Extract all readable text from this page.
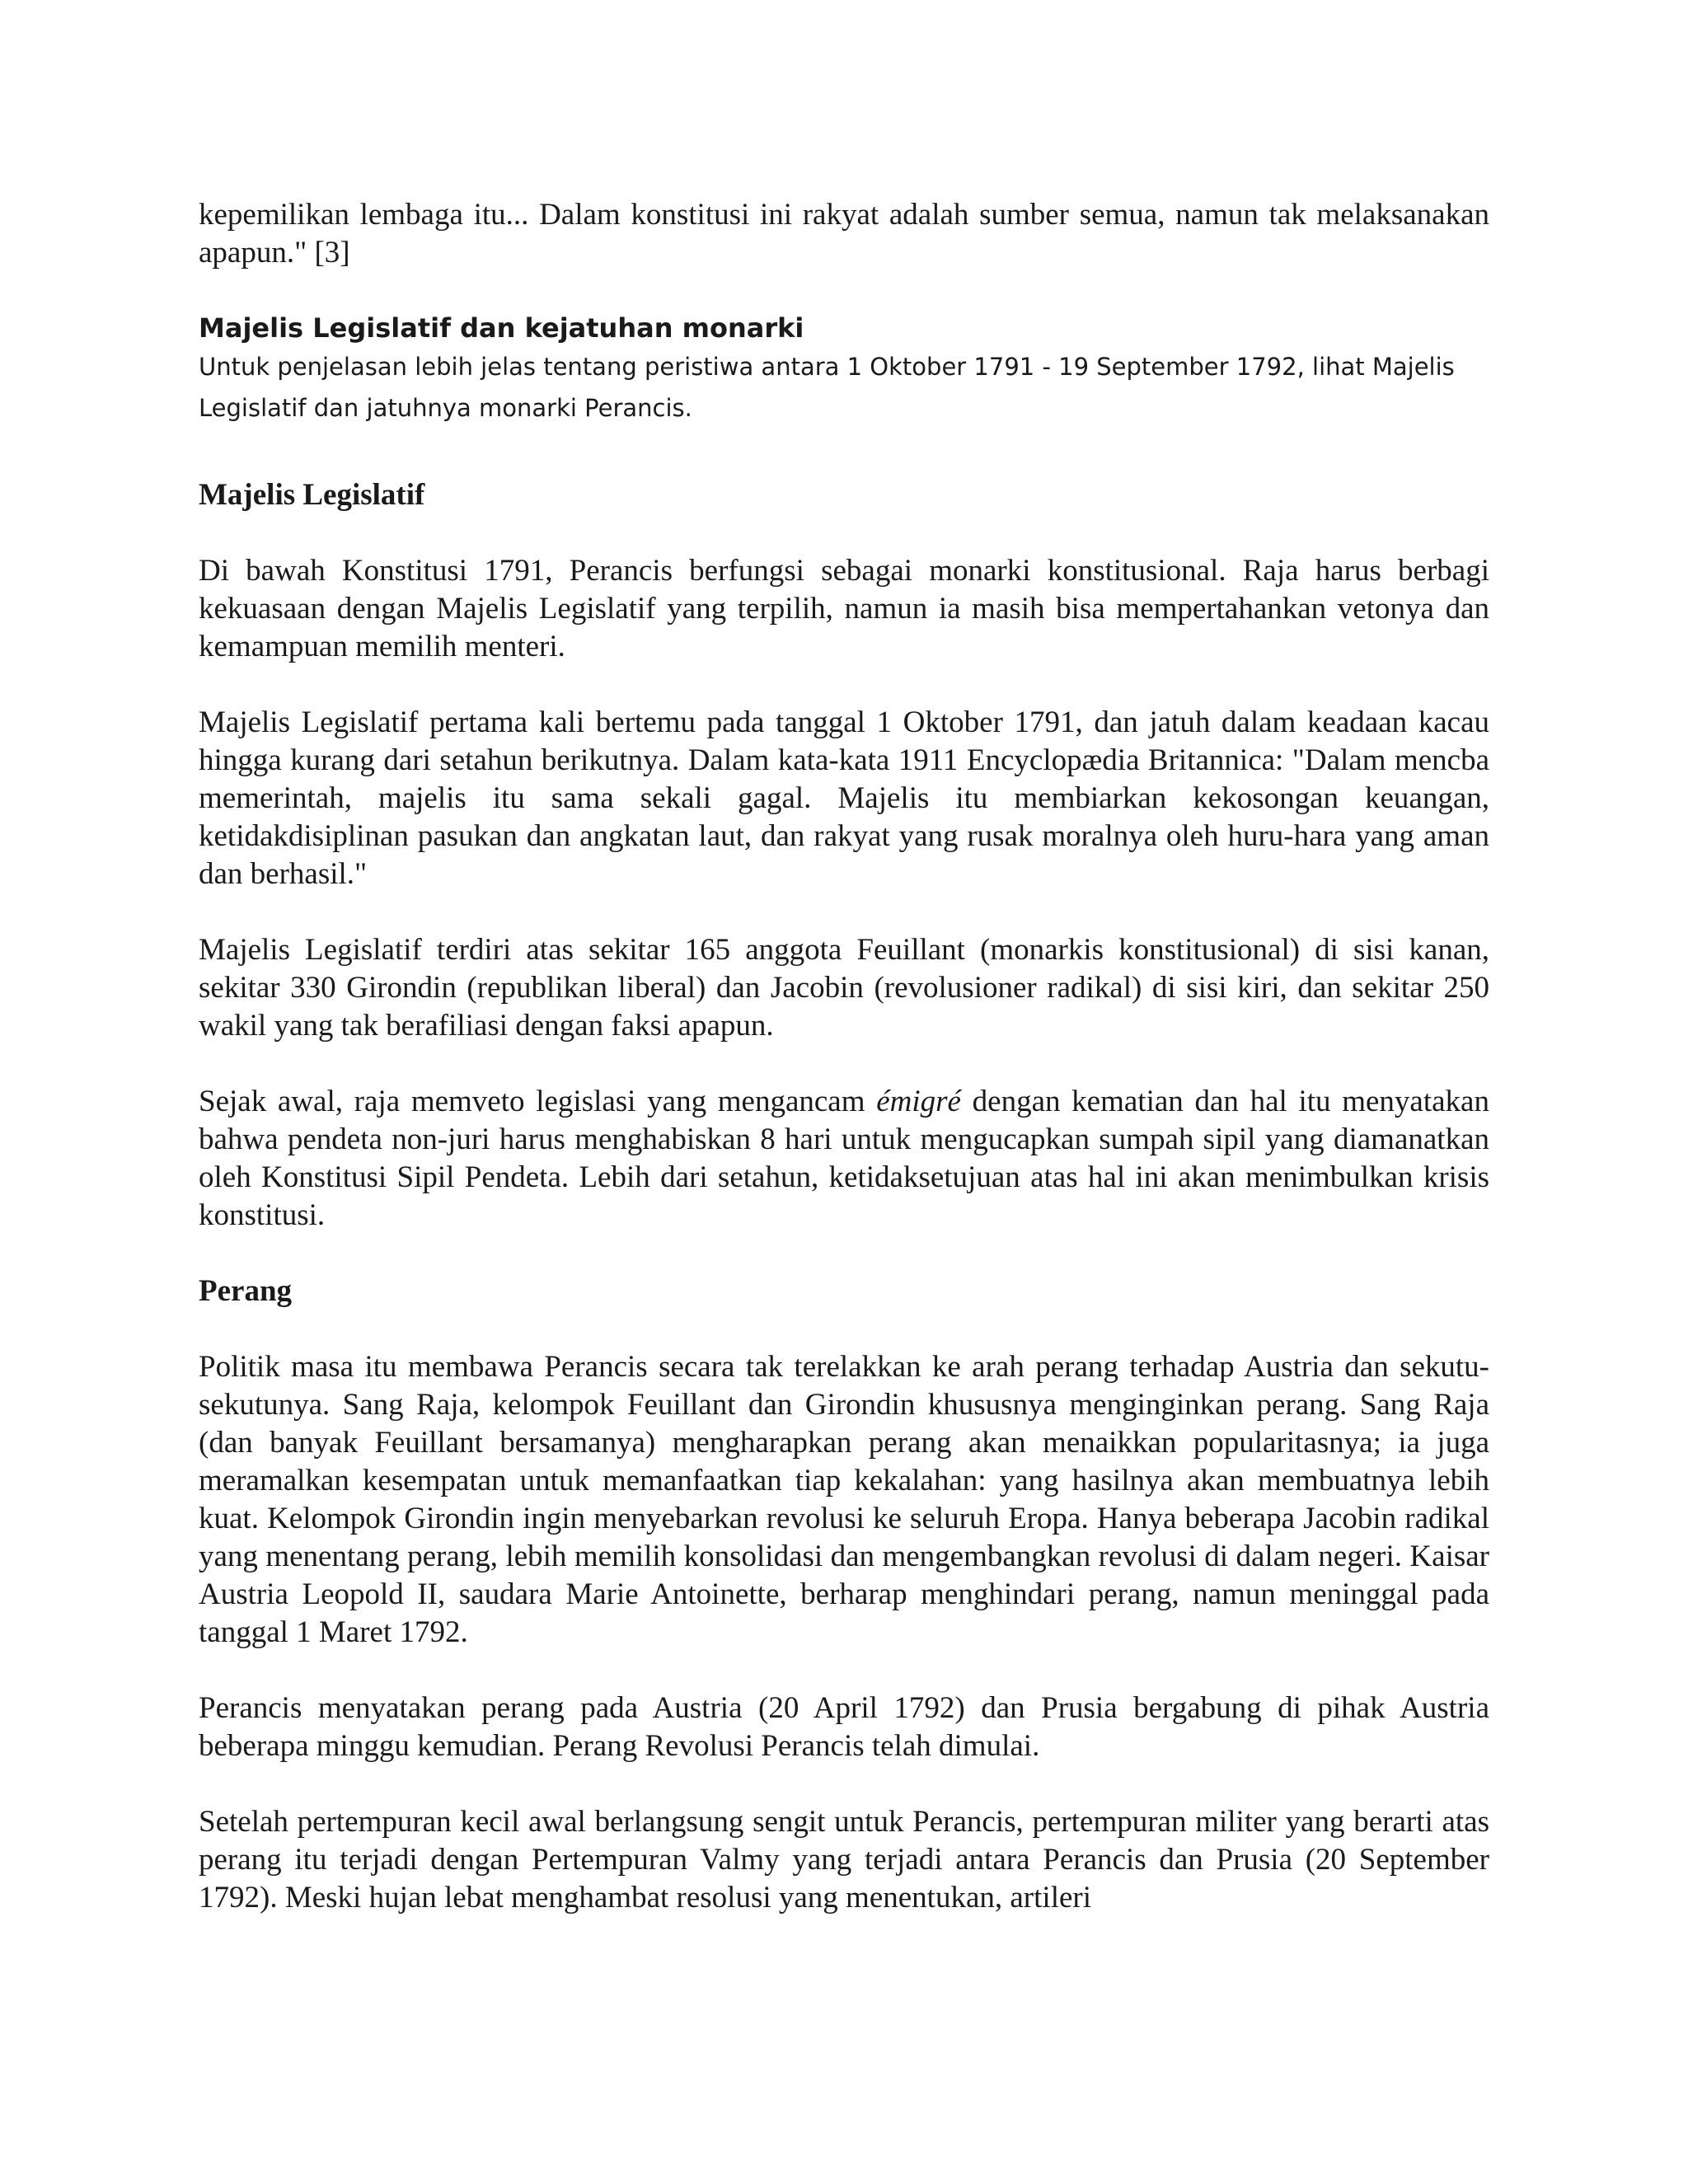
kepemilikan lembaga itu... Dalam konstitusi ini rakyat adalah sumber semua, namun tak melaksanakan apapun." [3]

Majelis Legislatif dan kejatuhan monarki

Untuk penjelasan lebih jelas tentang peristiwa antara 1 Oktober 1791 - 19 September 1792, lihat Majelis Legislatif dan jatuhnya monarki Perancis.

Majelis Legislatif

Di bawah Konstitusi 1791, Perancis berfungsi sebagai monarki konstitusional. Raja harus berbagi kekuasaan dengan Majelis Legislatif yang terpilih, namun ia masih bisa mempertahankan vetonya dan kemampuan memilih menteri.

Majelis Legislatif pertama kali bertemu pada tanggal 1 Oktober 1791, dan jatuh dalam keadaan kacau hingga kurang dari setahun berikutnya. Dalam kata-kata 1911 Encyclopædia Britannica: "Dalam mencba memerintah, majelis itu sama sekali gagal. Majelis itu membiarkan kekosongan keuangan, ketidakdisiplinan pasukan dan angkatan laut, dan rakyat yang rusak moralnya oleh huru-hara yang aman dan berhasil."

Majelis Legislatif terdiri atas sekitar 165 anggota Feuillant (monarkis konstitusional) di sisi kanan, sekitar 330 Girondin (republikan liberal) dan Jacobin (revolusioner radikal) di sisi kiri, dan sekitar 250 wakil yang tak berafiliasi dengan faksi apapun.

Sejak awal, raja memveto legislasi yang mengancam émigré dengan kematian dan hal itu menyatakan bahwa pendeta non-juri harus menghabiskan 8 hari untuk mengucapkan sumpah sipil yang diamanatkan oleh Konstitusi Sipil Pendeta. Lebih dari setahun, ketidaksetujuan atas hal ini akan menimbulkan krisis konstitusi.

Perang

Politik masa itu membawa Perancis secara tak terelakkan ke arah perang terhadap Austria dan sekutu-sekutunya. Sang Raja, kelompok Feuillant dan Girondin khususnya menginginkan perang. Sang Raja (dan banyak Feuillant bersamanya) mengharapkan perang akan menaikkan popularitasnya; ia juga meramalkan kesempatan untuk memanfaatkan tiap kekalahan: yang hasilnya akan membuatnya lebih kuat. Kelompok Girondin ingin menyebarkan revolusi ke seluruh Eropa. Hanya beberapa Jacobin radikal yang menentang perang, lebih memilih konsolidasi dan mengembangkan revolusi di dalam negeri. Kaisar Austria Leopold II, saudara Marie Antoinette, berharap menghindari perang, namun meninggal pada tanggal 1 Maret 1792.

Perancis menyatakan perang pada Austria (20 April 1792) dan Prusia bergabung di pihak Austria beberapa minggu kemudian. Perang Revolusi Perancis telah dimulai.

Setelah pertempuran kecil awal berlangsung sengit untuk Perancis, pertempuran militer yang berarti atas perang itu terjadi dengan Pertempuran Valmy yang terjadi antara Perancis dan Prusia (20 September 1792). Meski hujan lebat menghambat resolusi yang menentukan, artileri
